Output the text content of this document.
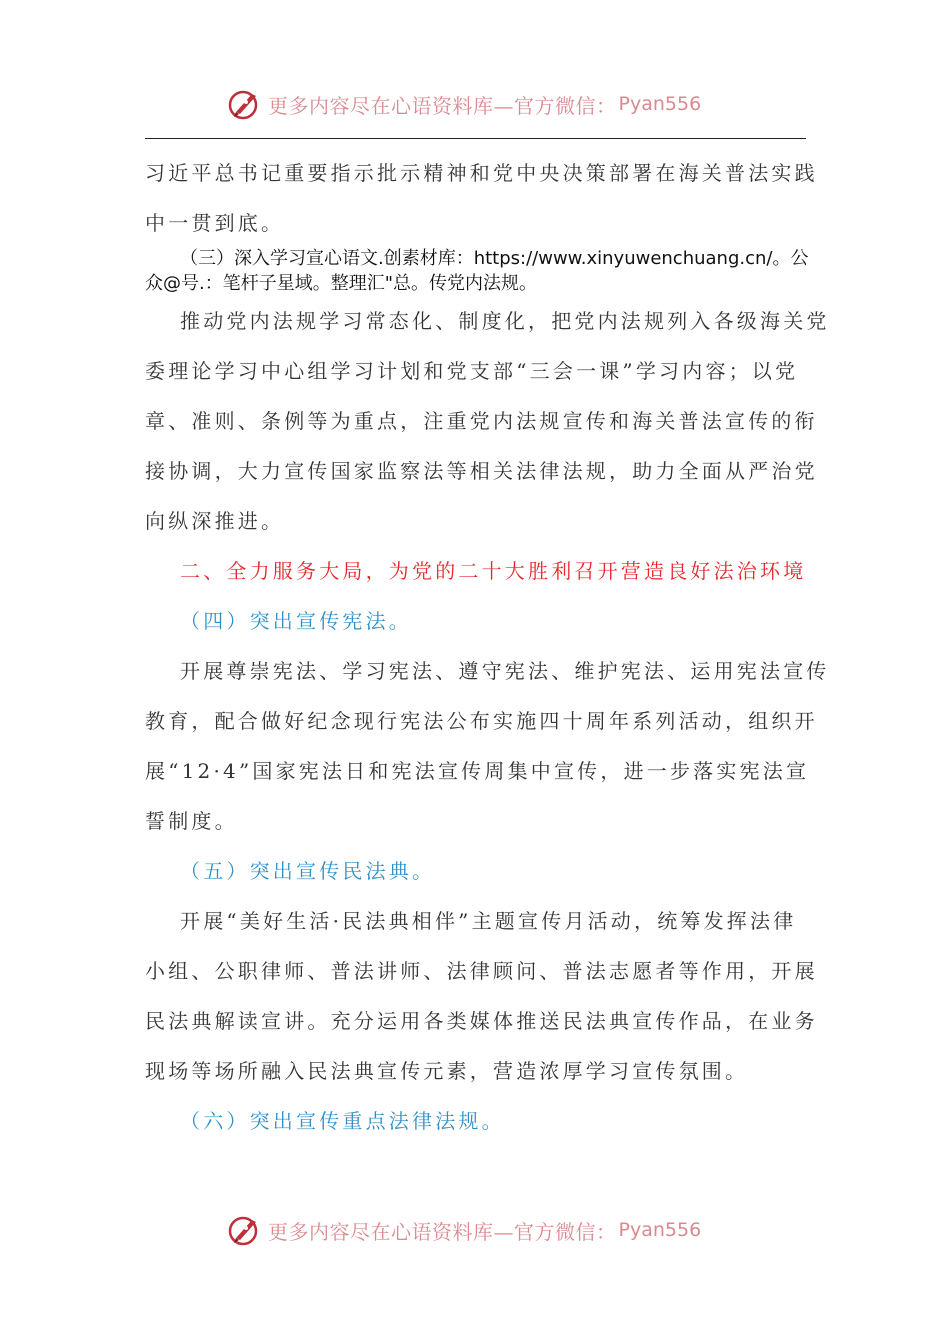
更多内容尽在心语资料库—官方微信： Pyan556
习近平总书记重要指示批示精神和党中央决策部署在海关普法实践
中一贯到底。
（三）深入学习宣心语文.创素材库：https://www.xinyuwenchuang.cn/。公
众@号.：笔杆子星域。整理汇"总。传党内法规。
推动党内法规学习常态化、制度化，把党内法规列入各级海关党
委理论学习中心组学习计划和党支部“三会一课”学习内容；以党
章、准则、条例等为重点，注重党内法规宣传和海关普法宣传的衔
接协调，大力宣传国家监察法等相关法律法规，助力全面从严治党
向纵深推进。
二、全力服务大局，为党的二十大胜利召开营造良好法治环境
（四）突出宣传宪法。
开展尊崇宪法、学习宪法、遵守宪法、维护宪法、运用宪法宣传
教育，配合做好纪念现行宪法公布实施四十周年系列活动，组织开
展“12·4”国家宪法日和宪法宣传周集中宣传，进一步落实宪法宣
誓制度。
（五）突出宣传民法典。
开展“美好生活·民法典相伴”主题宣传月活动，统筹发挥法律
小组、公职律师、普法讲师、法律顾问、普法志愿者等作用，开展
民法典解读宣讲。充分运用各类媒体推送民法典宣传作品，在业务
现场等场所融入民法典宣传元素，营造浓厚学习宣传氛围。
（六）突出宣传重点法律法规。
更多内容尽在心语资料库—官方微信： Pyan556
